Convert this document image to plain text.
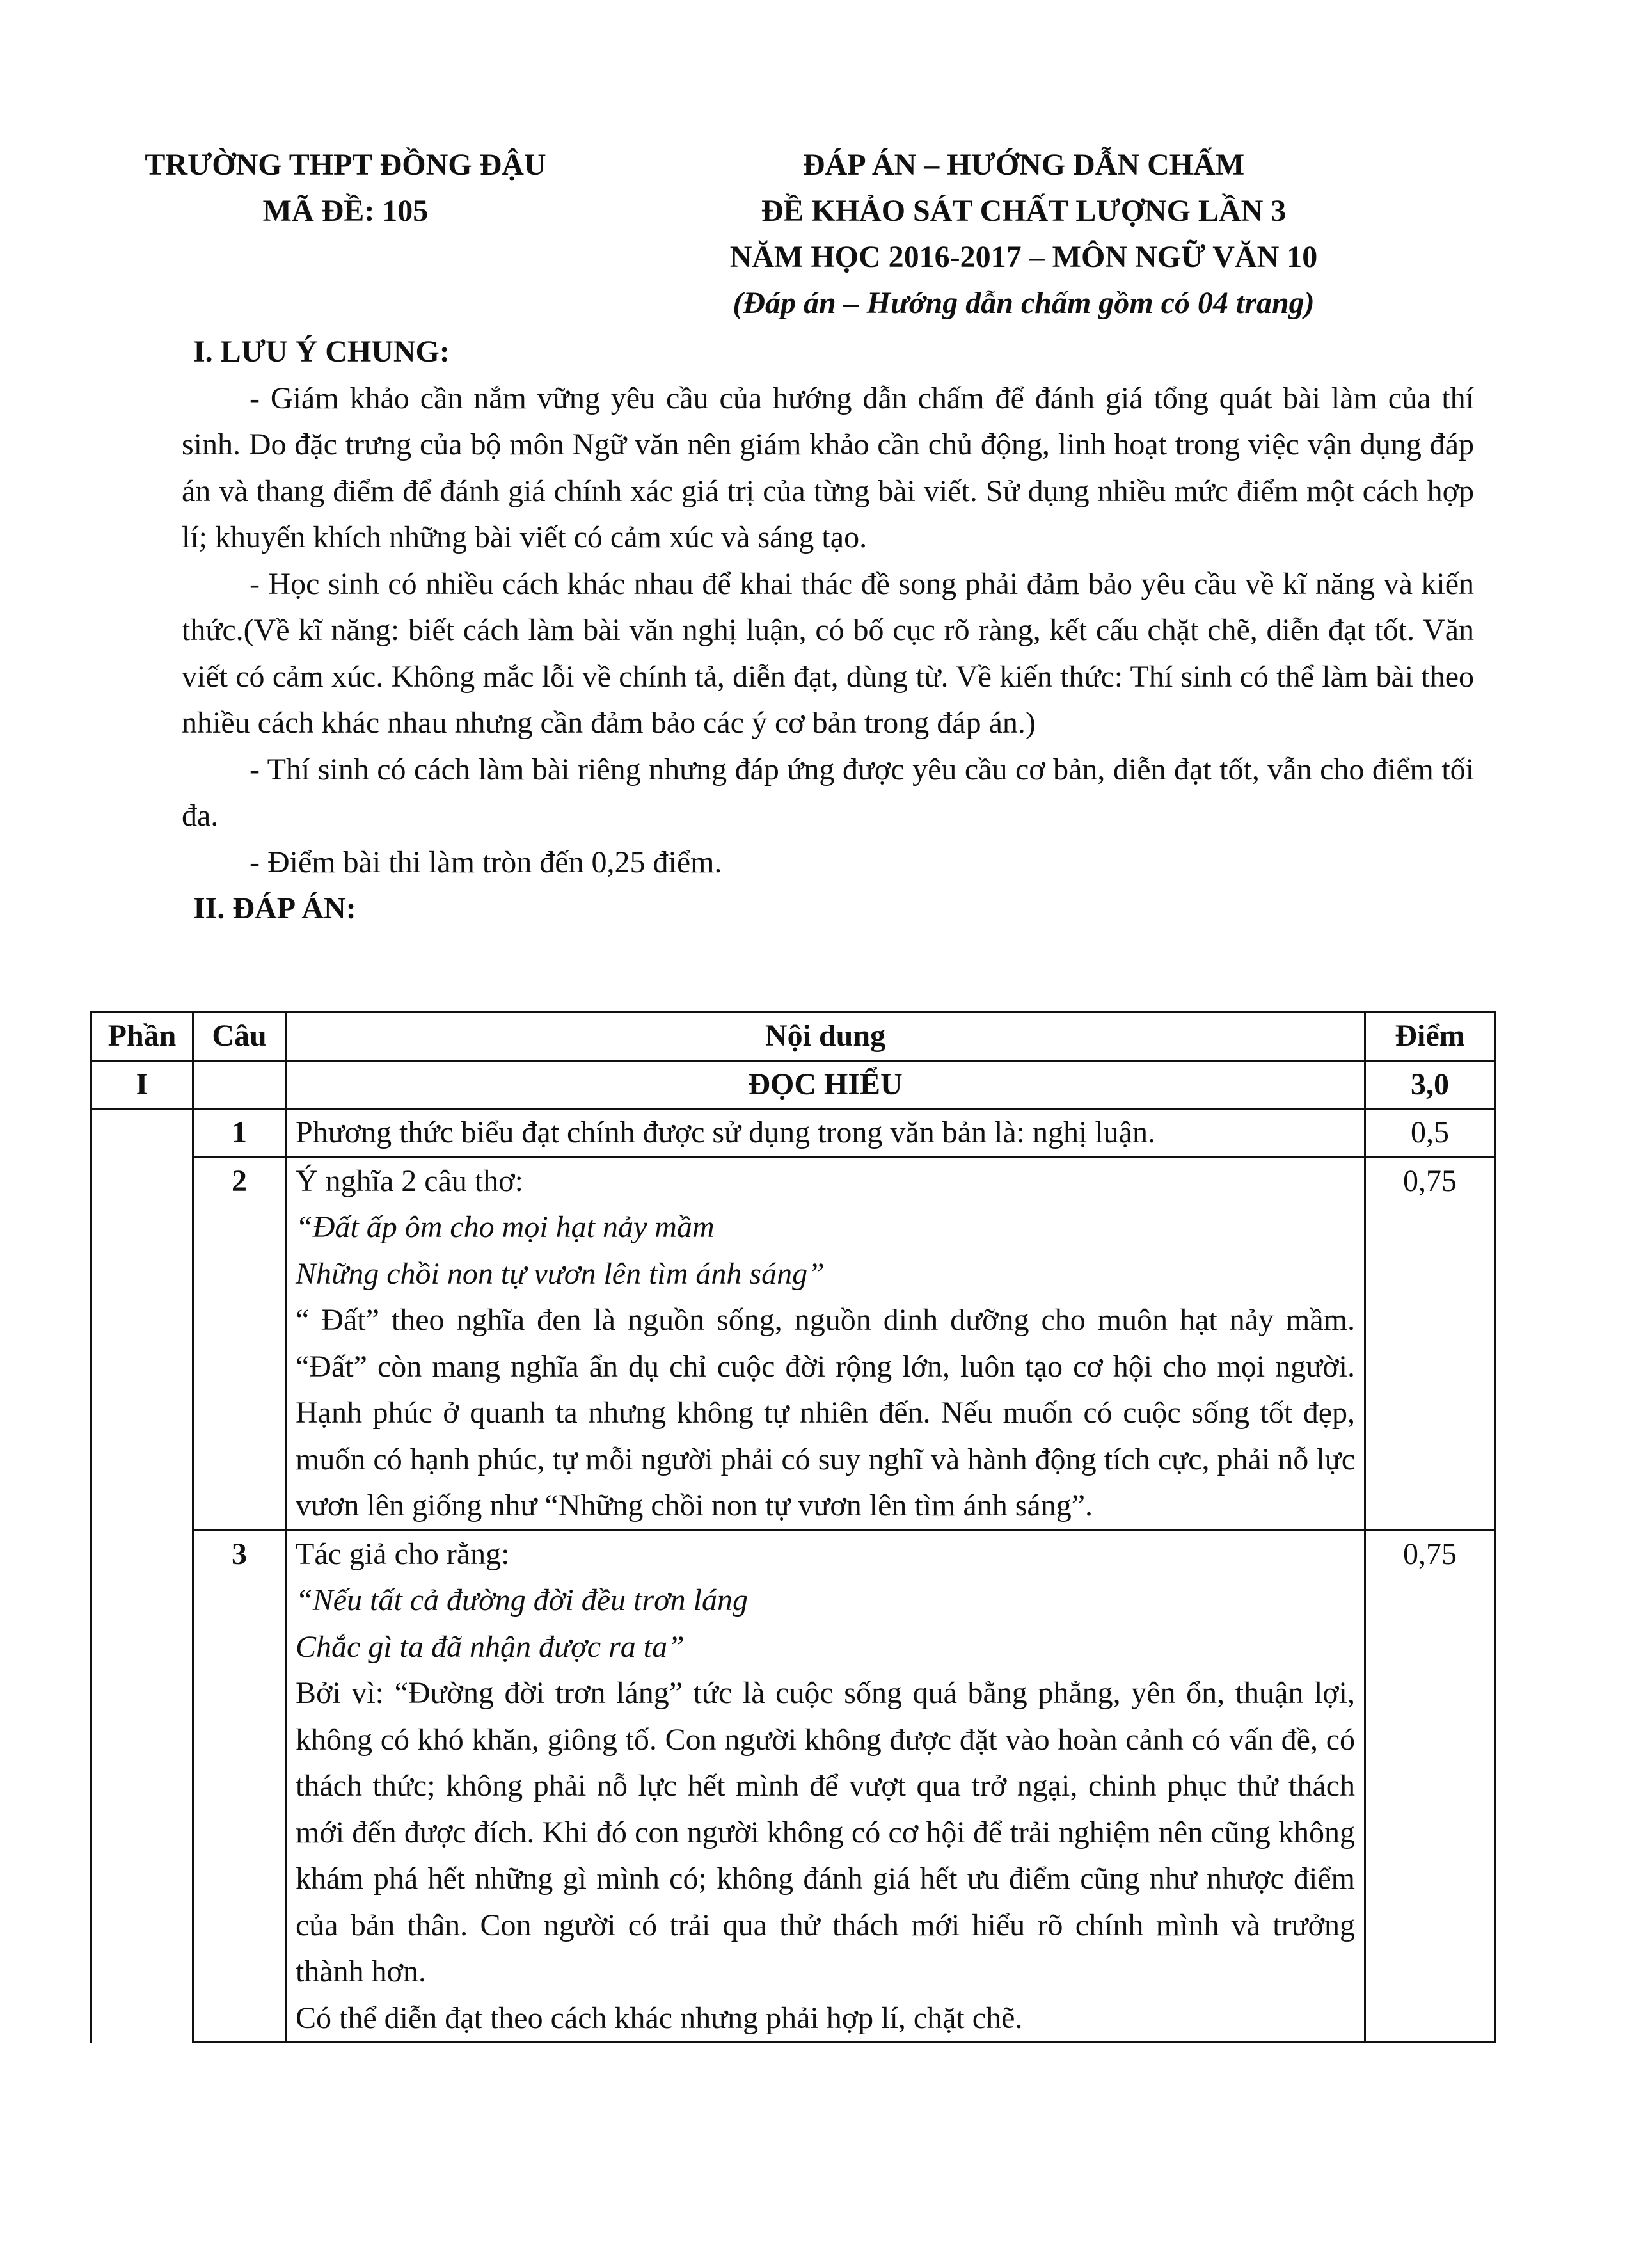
TRƯỜNG THPT ĐỒNG ĐẬU
MÃ ĐỀ: 105
ĐÁP ÁN – HƯỚNG DẪN CHẤM
ĐỀ KHẢO SÁT CHẤT LƯỢNG LẦN 3
NĂM HỌC 2016-2017 – MÔN NGỮ VĂN 10
(Đáp án – Hướng dẫn chấm gồm có 04 trang)
I. LƯU Ý CHUNG:

- Giám khảo cần nắm vững yêu cầu của hướng dẫn chấm để đánh giá tổng quát bài làm của thí sinh. Do đặc trưng của bộ môn Ngữ văn nên giám khảo cần chủ động, linh hoạt trong việc vận dụng đáp án và thang điểm để đánh giá chính xác giá trị của từng bài viết. Sử dụng nhiều mức điểm một cách hợp lí; khuyến khích những bài viết có cảm xúc và sáng tạo.

- Học sinh có nhiều cách khác nhau để khai thác đề song phải đảm bảo yêu cầu về kĩ năng và kiến thức.(Về kĩ năng: biết cách làm bài văn nghị luận, có bố cục rõ ràng, kết cấu chặt chẽ, diễn đạt tốt. Văn viết có cảm xúc. Không mắc lỗi về chính tả, diễn đạt, dùng từ. Về kiến thức: Thí sinh có thể làm bài theo nhiều cách khác nhau nhưng cần đảm bảo các ý cơ bản trong đáp án.)

- Thí sinh có cách làm bài riêng nhưng đáp ứng được yêu cầu cơ bản, diễn đạt tốt, vẫn cho điểm tối đa.

- Điểm bài thi làm tròn đến 0,25 điểm.

II. ĐÁP ÁN:
Phần	Câu	Nội dung	Điểm
I		ĐỌC HIỂU	3,0
	1	Phương thức biểu đạt chính được sử dụng trong văn bản là: nghị luận.	0,5
	2	Ý nghĩa 2 câu thơ:
“Đất ấp ôm cho mọi hạt nảy mầm
Những chồi non tự vươn lên tìm ánh sáng”
“ Đất” theo nghĩa đen là nguồn sống, nguồn dinh dưỡng cho muôn hạt nảy mầm. “Đất” còn mang nghĩa ẩn dụ chỉ cuộc đời rộng lớn, luôn tạo cơ hội cho mọi người. Hạnh phúc ở quanh ta nhưng không tự nhiên đến. Nếu muốn có cuộc sống tốt đẹp, muốn có hạnh phúc, tự mỗi người phải có suy nghĩ và hành động tích cực, phải nỗ lực vươn lên giống như “Những chồi non tự vươn lên tìm ánh sáng”.	0,75
	3	Tác giả cho rằng:
“Nếu tất cả đường đời đều trơn láng
Chắc gì ta đã nhận được ra ta”
Bởi vì: “Đường đời trơn láng” tức là cuộc sống quá bằng phẳng, yên ổn, thuận lợi, không có khó khăn, giông tố. Con người không được đặt vào hoàn cảnh có vấn đề, có thách thức; không phải nỗ lực hết mình để vượt qua trở ngại, chinh phục thử thách mới đến được đích. Khi đó con người không có cơ hội để trải nghiệm nên cũng không khám phá hết những gì mình có; không đánh giá hết ưu điểm cũng như nhược điểm của bản thân. Con người có trải qua thử thách mới hiểu rõ chính mình và trưởng thành hơn.
Có thể diễn đạt theo cách khác nhưng phải hợp lí, chặt chẽ.	0,75
